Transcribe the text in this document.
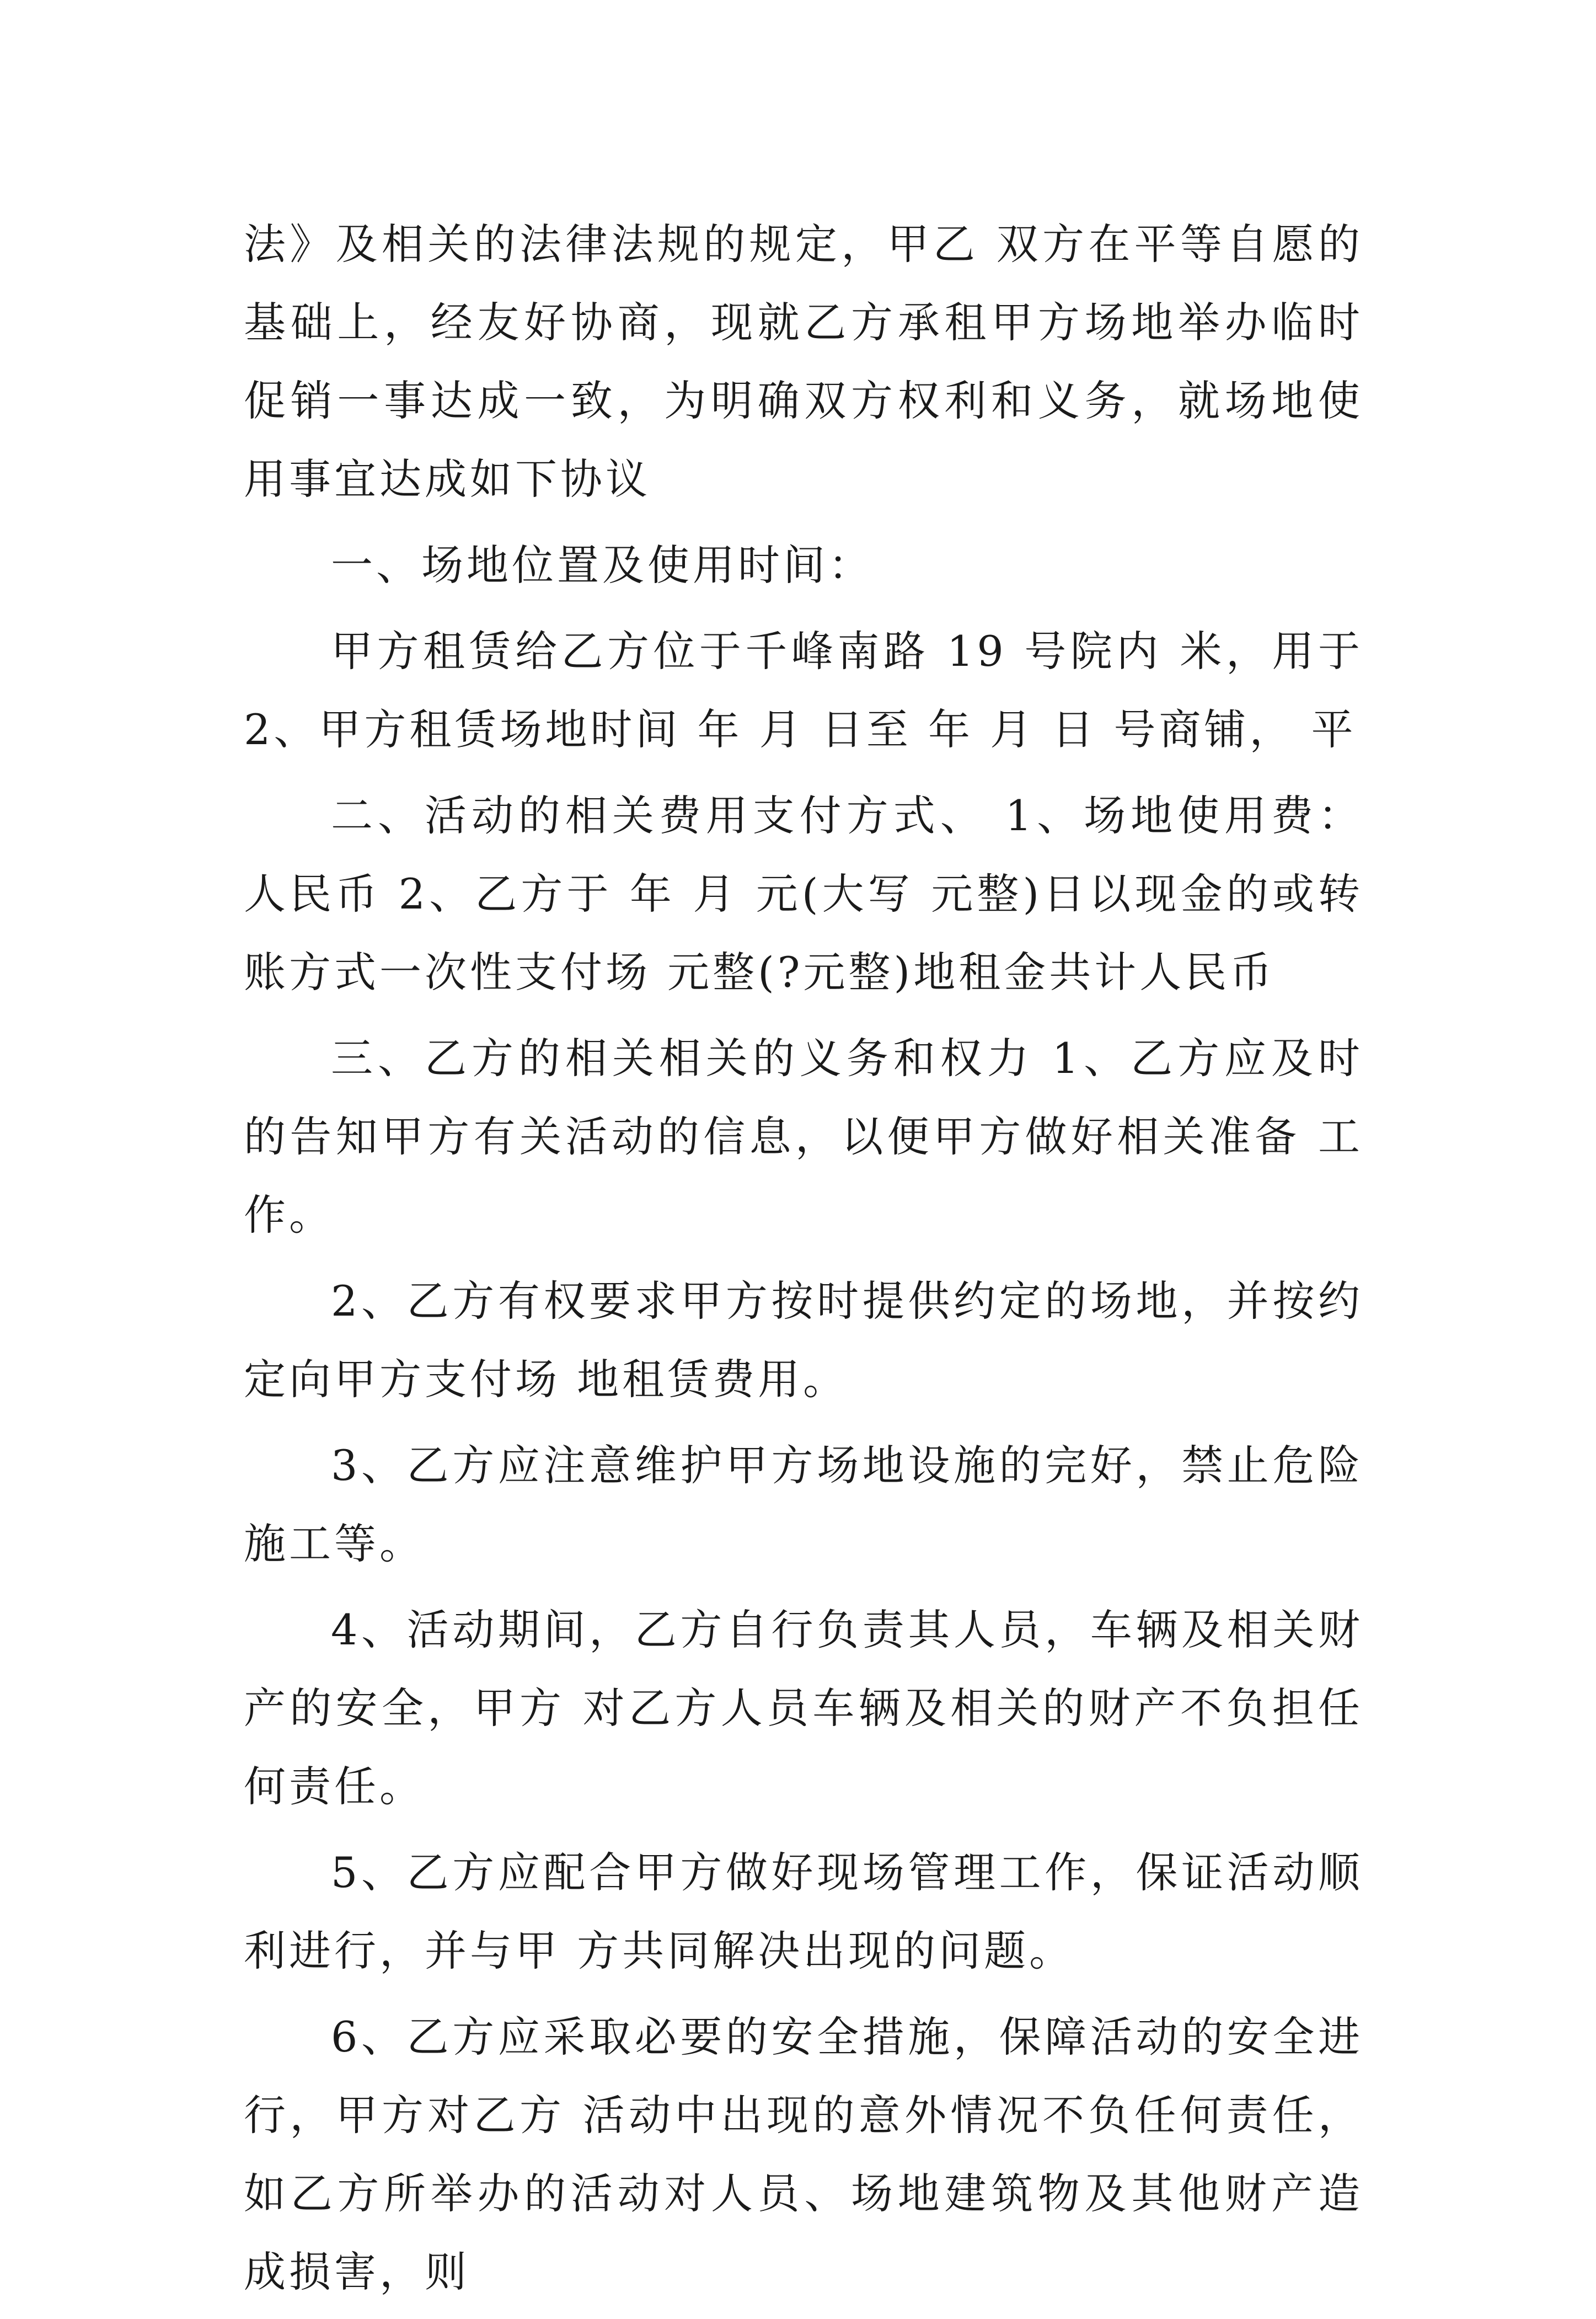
法》及相关的法律法规的规定，甲乙 双方在平等自愿的基础上，经友好协商，现就乙方承租甲方场地举办临时促销一事达成一致，为明确双方权利和义务，就场地使用事宜达成如下协议

一、场地位置及使用时间：

甲方租赁给乙方位于千峰南路 19 号院内 米，用于 2、甲方租赁场地时间 年 月 日至 年 月 日 号商铺， 平

二、活动的相关费用支付方式、 1、场地使用费：人民币 2、乙方于 年 月 元(大写 元整)日以现金的或转账方式一次性支付场 元整(?元整)地租金共计人民币

三、乙方的相关相关的义务和权力 1、乙方应及时的告知甲方有关活动的信息，以便甲方做好相关准备 工作。

2、乙方有权要求甲方按时提供约定的场地，并按约定向甲方支付场 地租赁费用。

3、乙方应注意维护甲方场地设施的完好，禁止危险施工等。

4、活动期间，乙方自行负责其人员，车辆及相关财产的安全，甲方 对乙方人员车辆及相关的财产不负担任何责任。

5、乙方应配合甲方做好现场管理工作，保证活动顺利进行，并与甲 方共同解决出现的问题。

6、乙方应采取必要的安全措施，保障活动的安全进行，甲方对乙方 活动中出现的意外情况不负任何责任，如乙方所举办的活动对人员、场地建筑物及其他财产造成损害，则
